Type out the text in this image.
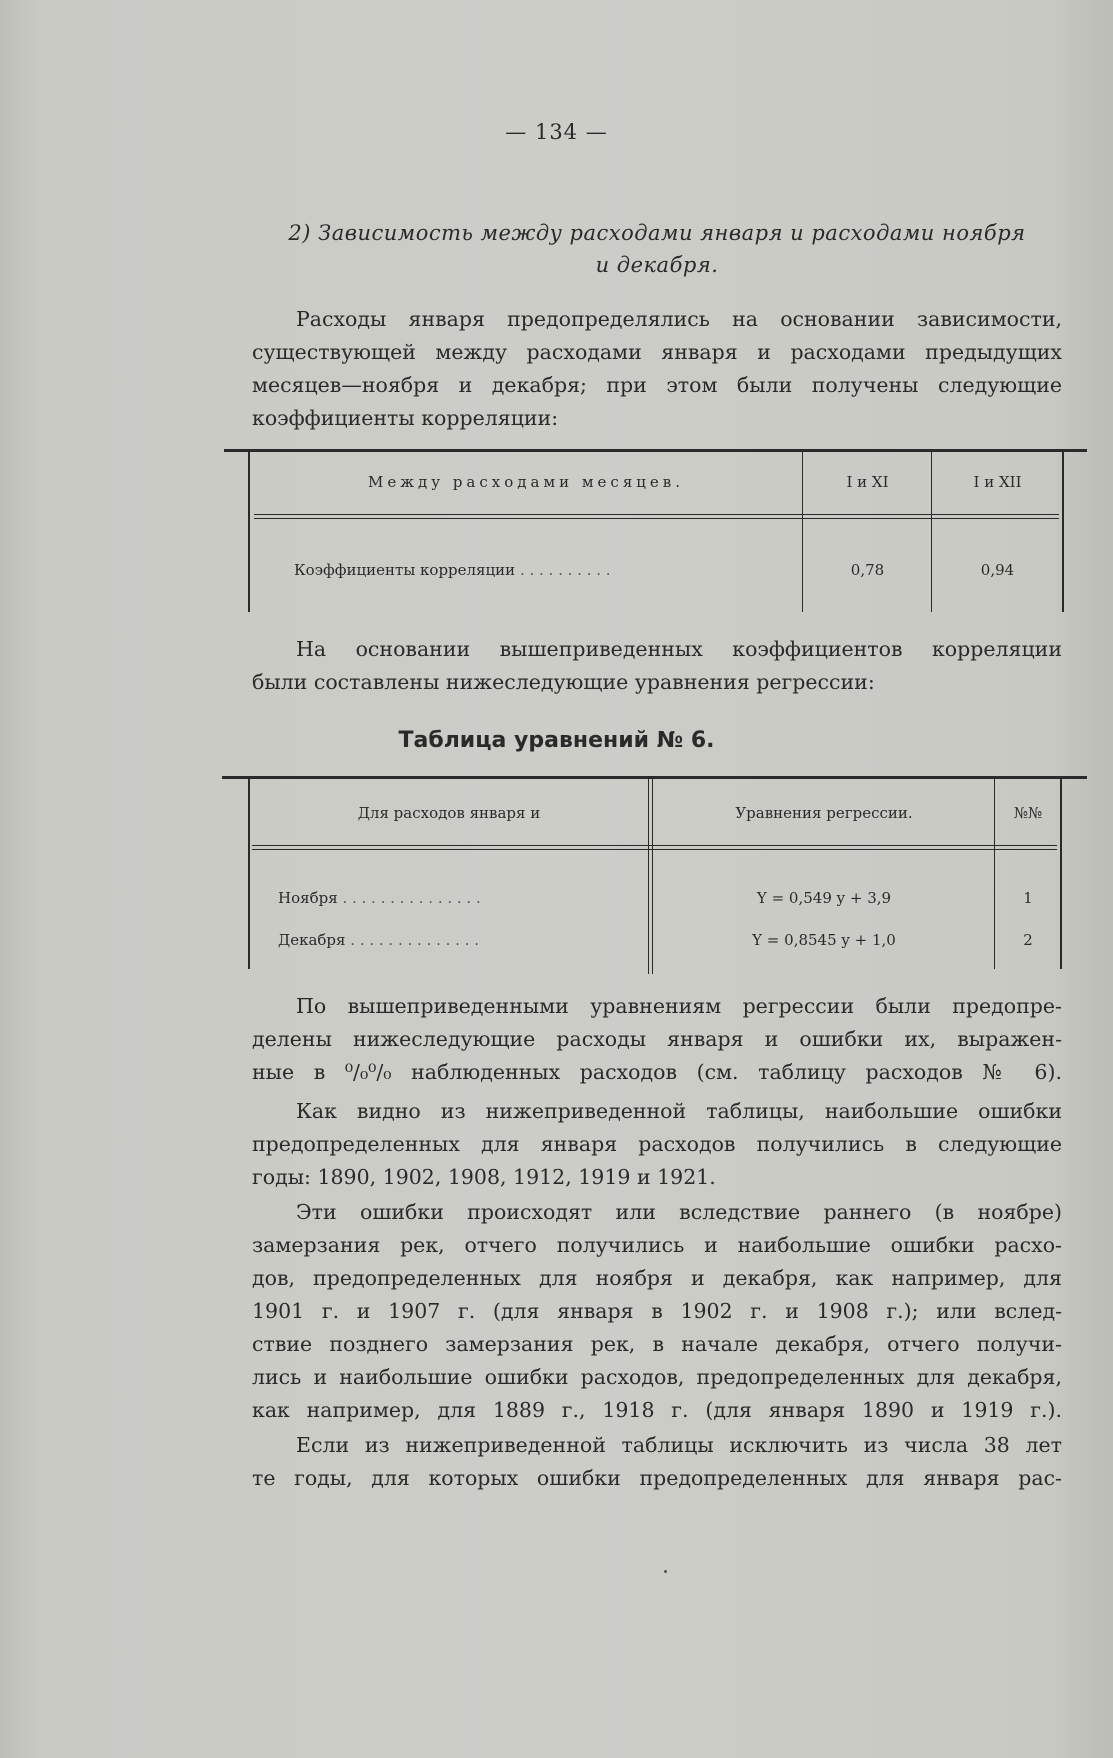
— 134 —
2) Зависимость между расходами января и расходами ноября
и декабря.
Расходы января предопределялись на основании зависимости,
существующей между расходами января и расходами предыдущих
месяцев—ноября и декабря; при этом были получены следующие
коэффициенты корреляции:
Между расходами месяцев.	I и XI	I и XII
Коэффициенты корреляции . . . . . . . . . .	0,78	0,94
На основании вышеприведенных коэффициентов корреляции
были составлены нижеследующие уравнения регрессии:
Таблица уравнений № 6.
Для расходов января и	Уравнения регрессии.	№№
Ноября . . . . . . . . . . . . . . .	Y = 0,549 y + 3,9	1
Декабря . . . . . . . . . . . . . .	Y = 0,8545 y + 1,0	2
По вышеприведенными уравнениям регрессии были предопре-
делены нижеследующие расходы января и ошибки их, выражен-
ные в ⁰/₀⁰/₀ наблюденных расходов (см. таблицу расходов № 6).
Как видно из нижеприведенной таблицы, наибольшие ошибки
предопределенных для января расходов получились в следующие
годы: 1890, 1902, 1908, 1912, 1919 и 1921.
Эти ошибки происходят или вследствие раннего (в ноябре)
замерзания рек, отчего получились и наибольшие ошибки расхо-
дов, предопределенных для ноября и декабря, как например, для
1901 г. и 1907 г. (для января в 1902 г. и 1908 г.); или вслед-
ствие позднего замерзания рек, в начале декабря, отчего получи-
лись и наибольшие ошибки расходов, предопределенных для декабря,
как например, для 1889 г., 1918 г. (для января 1890 и 1919 г.).
Если из нижеприведенной таблицы исключить из числа 38 лет
те годы, для которых ошибки предопределенных для января рас-
